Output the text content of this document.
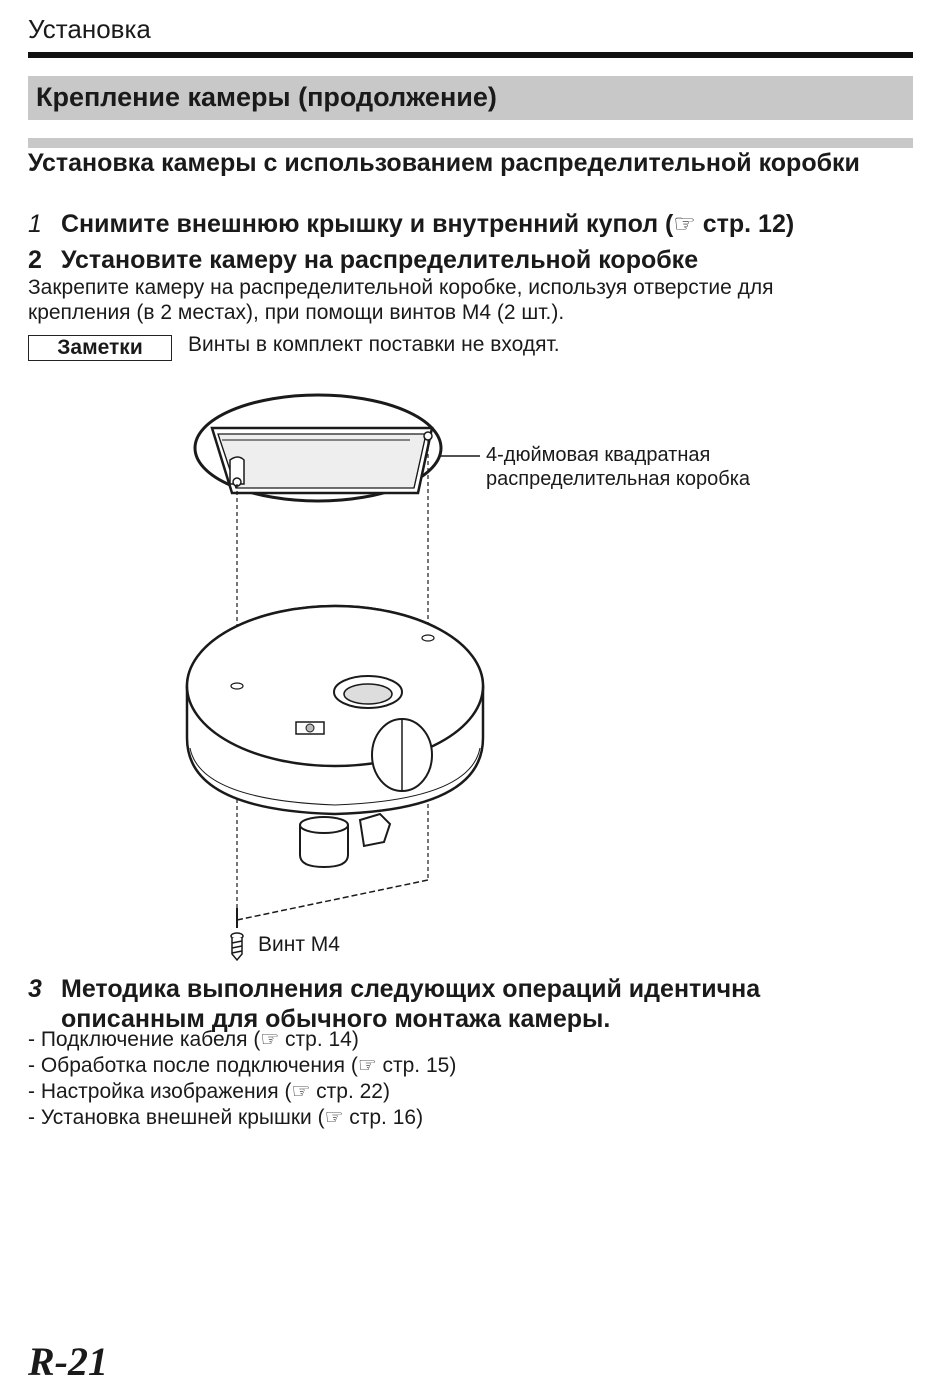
Установка
Крепление камеры (продолжение)
Установка камеры с использованием распределительной коробки
1 Снимите внешнюю крышку и внутренний купол (☞ стр. 12)
2 Установите камеру на распределительной коробке
Закрепите камеру на распределительной коробке, используя отверстие для
крепления (в 2 местах), при помощи винтов M4 (2 шт.).
Заметки	Винты в комплект поставки не входят.
4-дюймовая квадратная
распределительная коробка
Винт M4
3 Методика выполнения следующих операций идентична
описанным для обычного монтажа камеры.
- Подключение кабеля (☞ стр. 14)
- Обработка после подключения (☞ стр. 15)
- Настройка изображения (☞ стр. 22)
- Установка внешней крышки (☞ стр. 16)
R-21
